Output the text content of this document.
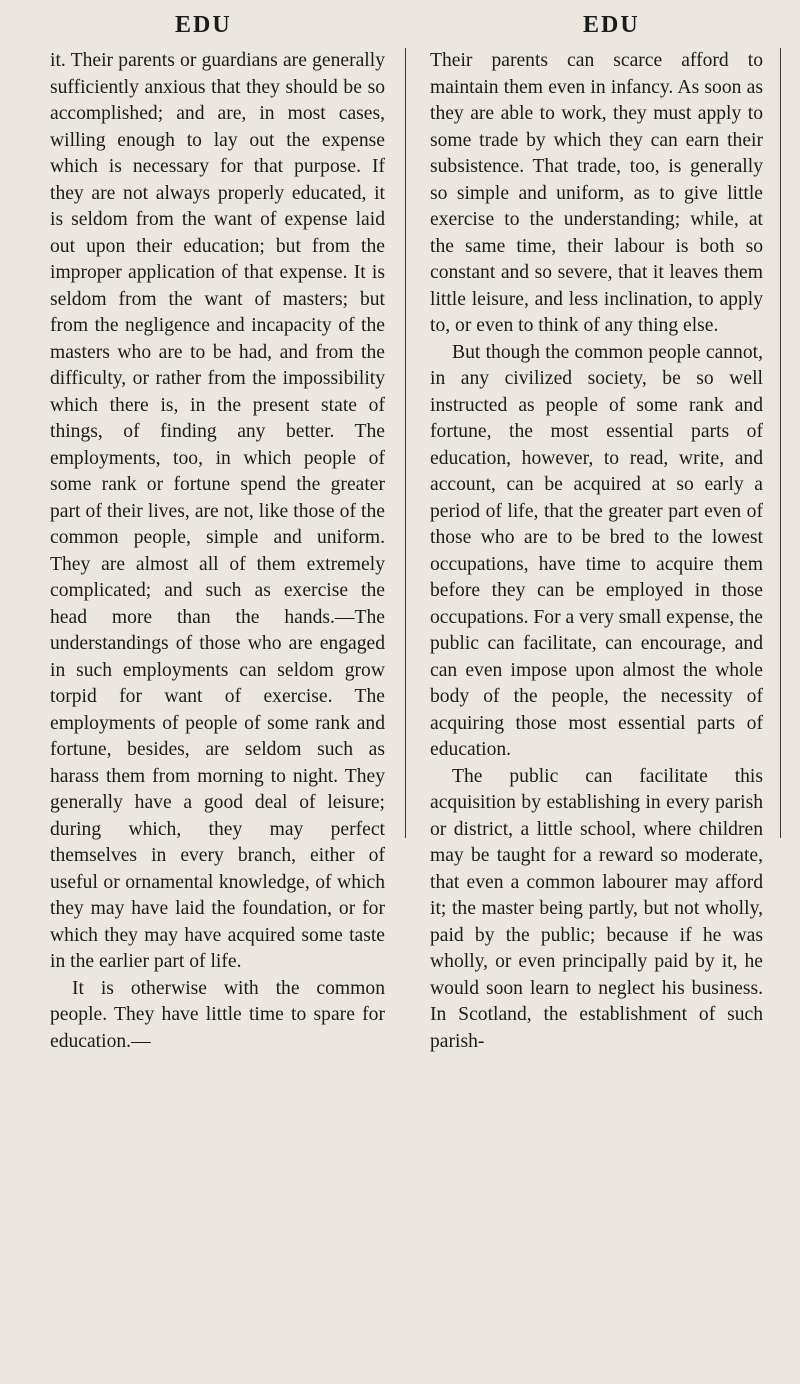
EDU	EDU

it. Their parents or guardians are generally sufficiently anxious that they should be so accomplished; and are, in most cases, willing enough to lay out the expense which is necessary for that purpose. If they are not always properly educated, it is seldom from the want of expense laid out upon their education; but from the improper application of that expense. It is seldom from the want of masters; but from the negligence and incapacity of the masters who are to be had, and from the difficulty, or rather from the impossibility which there is, in the present state of things, of finding any better. The employments, too, in which people of some rank or fortune spend the greater part of their lives, are not, like those of the common people, simple and uniform. They are almost all of them extremely complicated; and such as exercise the head more than the hands.—The understandings of those who are engaged in such employments can seldom grow torpid for want of exercise. The employments of people of some rank and fortune, besides, are seldom such as harass them from morning to night. They generally have a good deal of leisure; during which, they may perfect themselves in every branch, either of useful or ornamental knowledge, of which they may have laid the foundation, or for which they may have acquired some taste in the earlier part of life.

It is otherwise with the common people. They have little time to spare for education.—

Their parents can scarce afford to maintain them even in infancy. As soon as they are able to work, they must apply to some trade by which they can earn their subsistence. That trade, too, is generally so simple and uniform, as to give little exercise to the understanding; while, at the same time, their labour is both so constant and so severe, that it leaves them little leisure, and less inclination, to apply to, or even to think of any thing else.

But though the common people cannot, in any civilized society, be so well instructed as people of some rank and fortune, the most essential parts of education, however, to read, write, and account, can be acquired at so early a period of life, that the greater part even of those who are to be bred to the lowest occupations, have time to acquire them before they can be employed in those occupations. For a very small expense, the public can facilitate, can encourage, and can even impose upon almost the whole body of the people, the necessity of acquiring those most essential parts of education.

The public can facilitate this acquisition by establishing in every parish or district, a little school, where children may be taught for a reward so moderate, that even a common labourer may afford it; the master being partly, but not wholly, paid by the public; because if he was wholly, or even principally paid by it, he would soon learn to neglect his business. In Scotland, the establishment of such parish-
